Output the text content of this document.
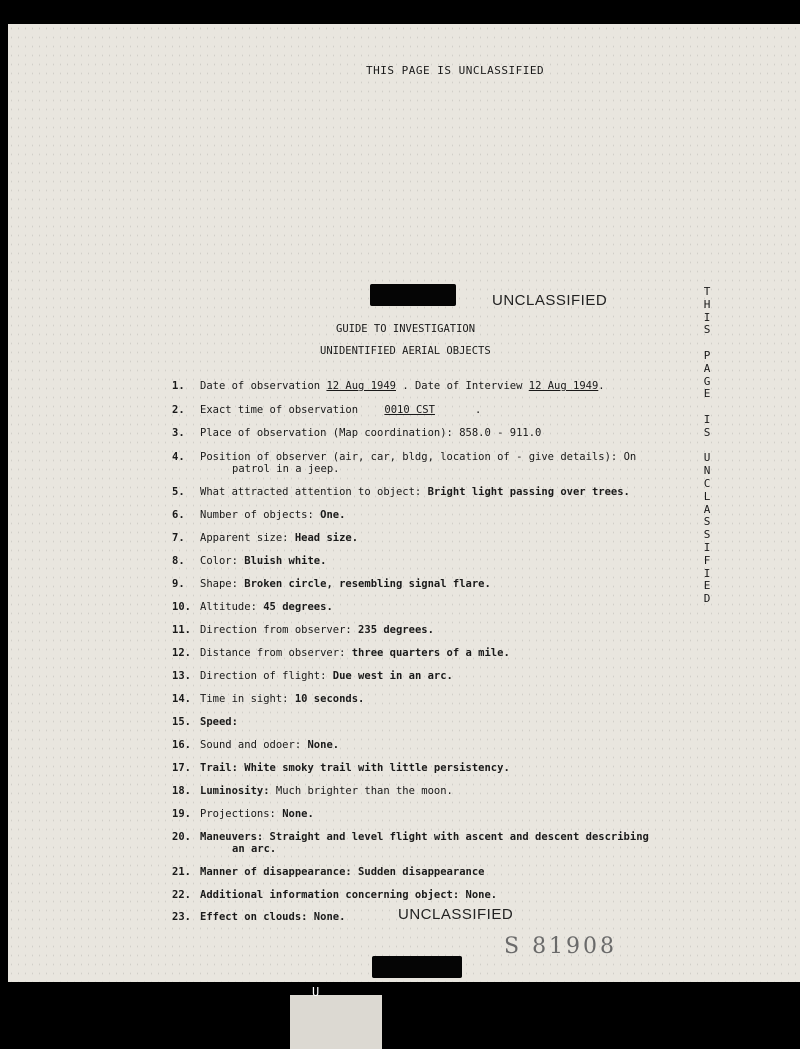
U
THIS PAGE IS UNCLASSIFIED
UNCLASSIFIED
T
H
I
S

P
A
G
E

I
S

U
N
C
L
A
S
S
I
F
I
E
D
GUIDE TO INVESTIGATION
UNIDENTIFIED AERIAL OBJECTS
1. Date of observation 12 Aug 1949 . Date of Interview 12 Aug 1949.
2. Exact time of observation	0010 CST	.
3. Place of observation (Map coordination): 858.0 - 911.0
4. Position of observer (air, car, bldg, location of - give details): On
patrol in a jeep.
5. What attracted attention to object: Bright light passing over trees.
6. Number of objects: One.
7. Apparent size: Head size.
8. Color: Bluish white.
9. Shape: Broken circle, resembling signal flare.
10. Altitude: 45 degrees.
11. Direction from observer: 235 degrees.
12. Distance from observer: three quarters of a mile.
13. Direction of flight: Due west in an arc.
14. Time in sight: 10 seconds.
15. Speed:
16. Sound and odoer: None.
17. Trail: White smoky trail with little persistency.
18. Luminosity: Much brighter than the moon.
19. Projections: None.
20. Maneuvers: Straight and level flight with ascent and descent describing
an arc.
21. Manner of disappearance: Sudden disappearance
22. Additional information concerning object: None.
23. Effect on clouds: None.	UNCLASSIFIED
S 81908
